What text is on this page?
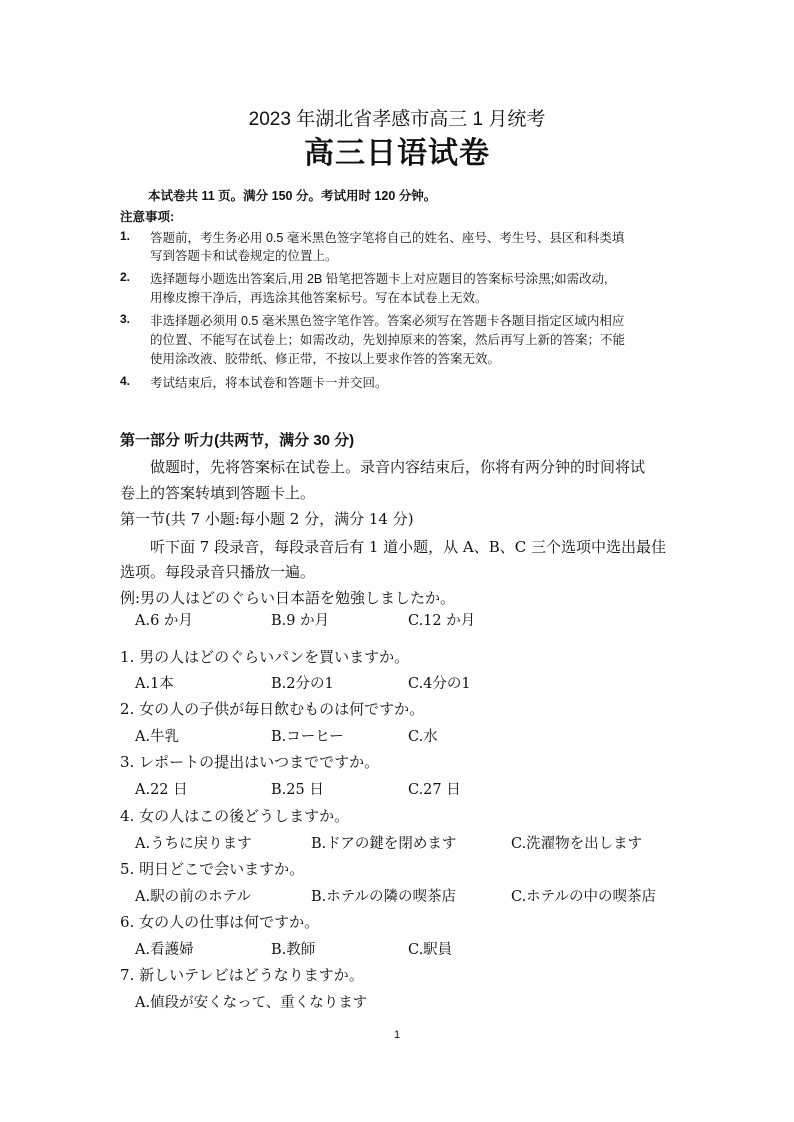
2023 年湖北省孝感市高三 1 月统考
高三日语试卷
本试卷共 11 页。满分 150 分。考试用时 120 分钟。
注意事项:
1. 答题前，考生务必用 0.5 毫米黑色签字笔将自己的姓名、座号、考生号、县区和科类填
写到答题卡和试卷规定的位置上。
2. 选择题每小题选出答案后,用 2B 铅笔把答题卡上对应题目的答案标号涂黑;如需改动,
用橡皮擦干净后，再选涂其他答案标号。写在本试卷上无效。
3. 非选择题必须用 0.5 毫米黑色签字笔作答。答案必须写在答题卡各题目指定区域内相应
的位置、不能写在试卷上；如需改动，先划掉原来的答案，然后再写上新的答案；不能
使用涂改液、胶带纸、修正带，不按以上要求作答的答案无效。
4. 考试结束后，将本试卷和答题卡一并交回。
第一部分 听力(共两节，满分 30 分)
做题时，先将答案标在试卷上。录音内容结束后，你将有两分钟的时间将试
卷上的答案转填到答题卡上。
第一节(共 7 小题:每小题 2 分，满分 14 分)
听下面 7 段录音，每段录音后有 1 道小题，从 A、B、C 三个选项中选出最佳
选项。每段录音只播放一遍。
例:男の人はどのぐらい日本語を勉強しましたか。
A.6 か月	B.9 か月	C.12 か月
1. 男の人はどのぐらいパンを買いますか。
A.1本	B.2分の1	C.4分の1
2. 女の人の子供が毎日飲むものは何ですか。
A.牛乳	B.コーヒー	C.水
3. レポートの提出はいつまでですか。
A.22 日	B.25 日	C.27 日
4. 女の人はこの後どうしますか。
A.うちに戻ります	B.ドアの鍵を閉めます	C.洗濯物を出します
5. 明日どこで会いますか。
A.駅の前のホテル	B.ホテルの隣の喫茶店	C.ホテルの中の喫茶店
6. 女の人の仕事は何ですか。
A.看護婦	B.教師	C.駅員
7. 新しいテレビはどうなりますか。
A.値段が安くなって、重くなります
1
